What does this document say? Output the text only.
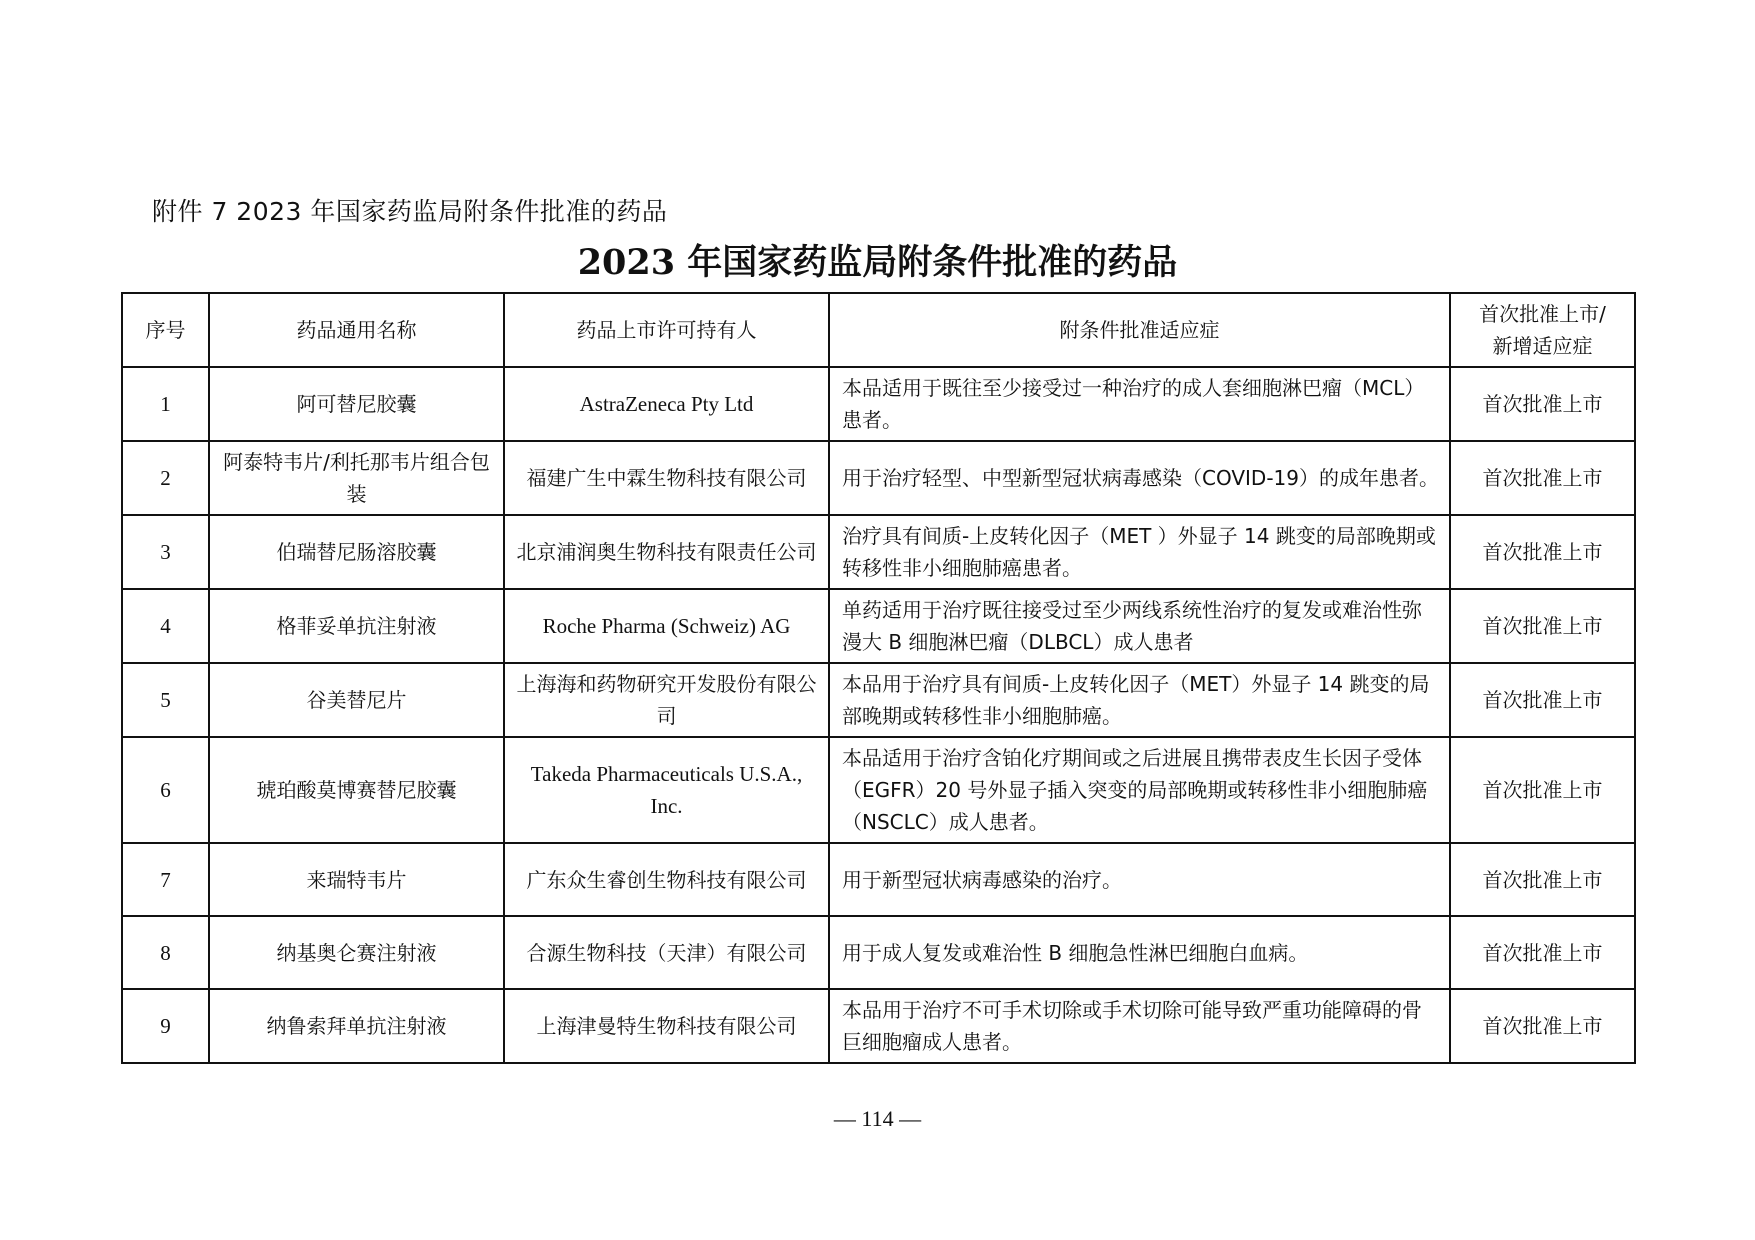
附件 7 2023 年国家药监局附条件批准的药品
2023 年国家药监局附条件批准的药品
序号	药品通用名称	药品上市许可持有人	附条件批准适应症	首次批准上市/
新增适应症
1	阿可替尼胶囊	AstraZeneca Pty Ltd	本品适用于既往至少接受过一种治疗的成人套细胞淋巴瘤（MCL）患者。	首次批准上市
2	阿泰特韦片/利托那韦片组合包装	福建广生中霖生物科技有限公司	用于治疗轻型、中型新型冠状病毒感染（COVID-19）的成年患者。	首次批准上市
3	伯瑞替尼肠溶胶囊	北京浦润奥生物科技有限责任公司	治疗具有间质-上皮转化因子（MET ）外显子 14 跳变的局部晚期或转移性非小细胞肺癌患者。	首次批准上市
4	格菲妥单抗注射液	Roche Pharma (Schweiz) AG	单药适用于治疗既往接受过至少两线系统性治疗的复发或难治性弥漫大 B 细胞淋巴瘤（DLBCL）成人患者	首次批准上市
5	谷美替尼片	上海海和药物研究开发股份有限公司	本品用于治疗具有间质-上皮转化因子（MET）外显子 14 跳变的局部晚期或转移性非小细胞肺癌。	首次批准上市
6	琥珀酸莫博赛替尼胶囊	Takeda Pharmaceuticals U.S.A., Inc.	本品适用于治疗含铂化疗期间或之后进展且携带表皮生长因子受体（EGFR）20 号外显子插入突变的局部晚期或转移性非小细胞肺癌（NSCLC）成人患者。	首次批准上市
7	来瑞特韦片	广东众生睿创生物科技有限公司	用于新型冠状病毒感染的治疗。	首次批准上市
8	纳基奥仑赛注射液	合源生物科技（天津）有限公司	用于成人复发或难治性 B 细胞急性淋巴细胞白血病。	首次批准上市
9	纳鲁索拜单抗注射液	上海津曼特生物科技有限公司	本品用于治疗不可手术切除或手术切除可能导致严重功能障碍的骨巨细胞瘤成人患者。	首次批准上市
— 114 —
